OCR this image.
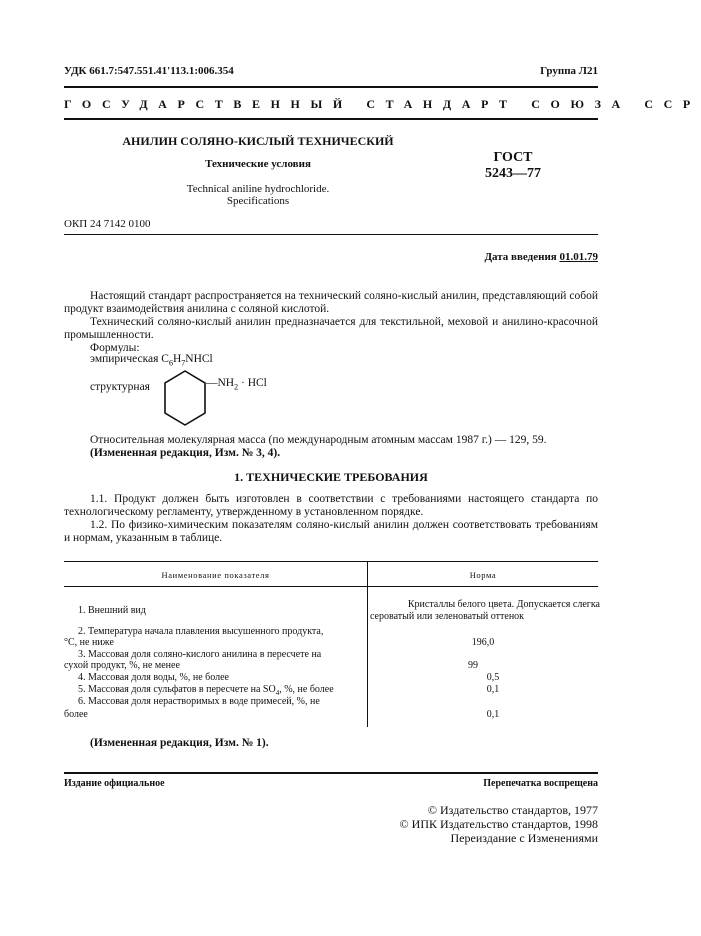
УДК 661.7:547.551.41'113.1:006.354	Группа Л21
ГОСУДАРСТВЕННЫЙ СТАНДАРТ СОЮЗА ССР
АНИЛИН СОЛЯНО-КИСЛЫЙ ТЕХНИЧЕСКИЙ
Технические условия
Technical aniline hydrochloride.
Specifications
ГОСТ
5243—77
ОКП 24 7142 0100
Дата введения 01.01.79
Настоящий стандарт распространяется на технический соляно-кислый анилин, представляющий собой продукт взаимодействия анилина с соляной кислотой.
Технический соляно-кислый анилин предназначается для текстильной, меховой и анилино-красочной промышленности.
Формулы:
эмпирическая $C_6H_7NHCl$
структурная	$—NH_2$ · HCl
Относительная молекулярная масса (по международным атомным массам 1987 г.) — 129, 59.
(Измененная редакция, Изм. № 3, 4).
1. ТЕХНИЧЕСКИЕ ТРЕБОВАНИЯ
1.1. Продукт должен быть изготовлен в соответствии с требованиями настоящего стандарта по технологическому регламенту, утвержденному в установленном порядке.
1.2. По физико-химическим показателям соляно-кислый анилин должен соответствовать требованиям и нормам, указанным в таблице.
Наименование показателя	Норма
1. Внешний вид
Кристаллы белого цвета. Допускается слегка
сероватый или зеленоватый оттенок
2. Температура начала плавления высушенного продукта,
°С, не ниже	196,0
3. Массовая доля соляно-кислого анилина в пересчете на
сухой продукт, %, не менее	99
4. Массовая доля воды, %, не более	0,5
5. Массовая доля сульфатов в пересчете на $SO_4$, %, не более	0,1
6. Массовая доля нерастворимых в воде примесей, %, не
более	0,1
(Измененная редакция, Изм. № 1).
Издание официальное	Перепечатка воспрещена
© Издательство стандартов, 1977
© ИПК Издательство стандартов, 1998
Переиздание с Изменениями
